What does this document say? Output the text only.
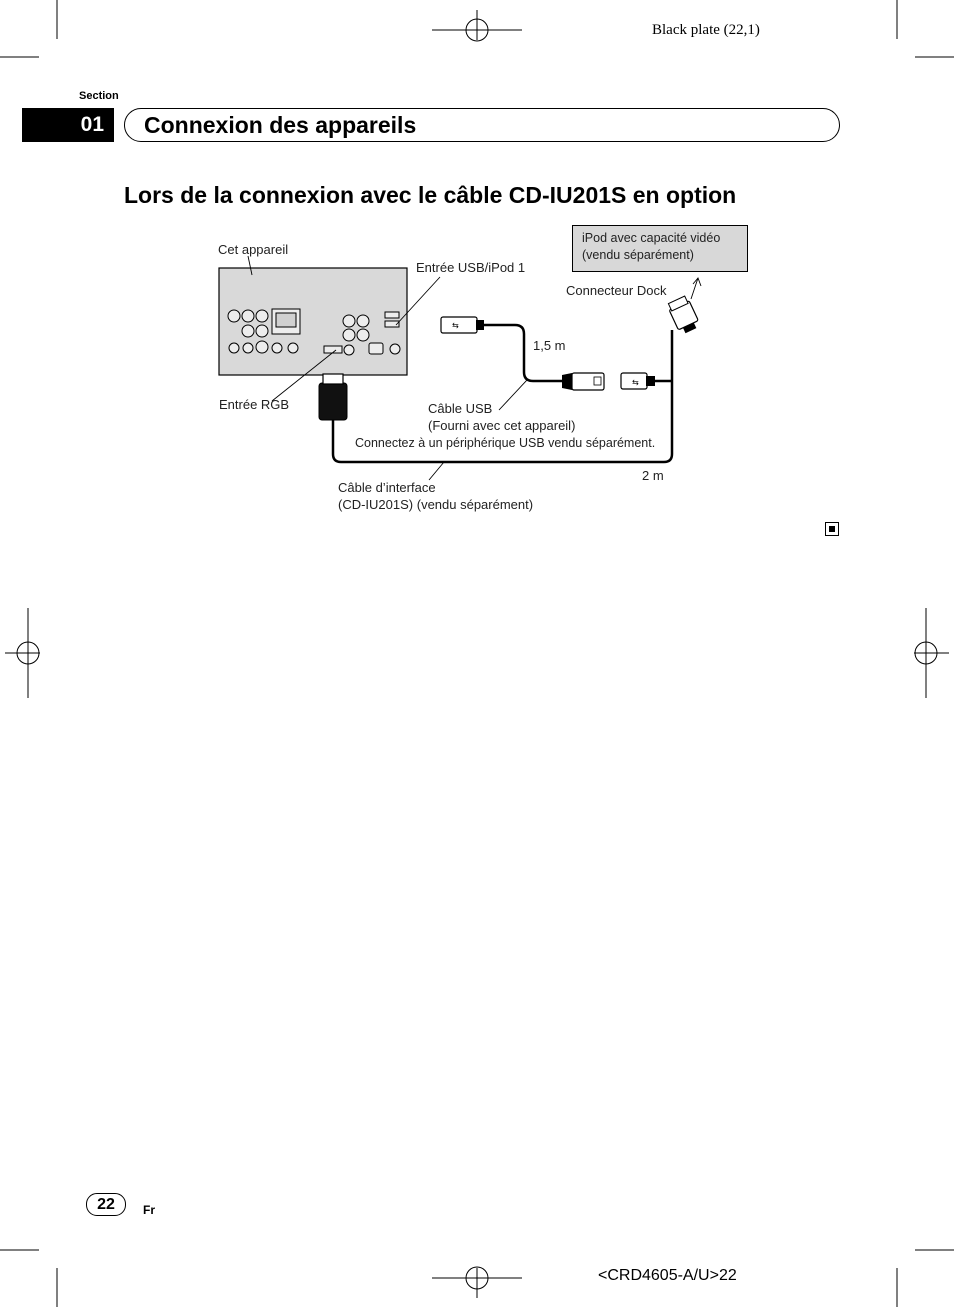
⇆
⇆
Black plate (22,1)
Section
01	Connexion des appareils
Lors de la connexion avec le câble CD-IU201S en option
Cet appareil
Entrée USB/iPod 1
iPod avec capacité vidéo
(vendu séparément)
Connecteur Dock
1,5 m
Entrée RGB	Câble USB
(Fourni avec cet appareil)
Connectez à un périphérique USB vendu séparément.
2 m
Câble d’interface
(CD-IU201S) (vendu séparément)
22	Fr
<CRD4605-A/U>22
